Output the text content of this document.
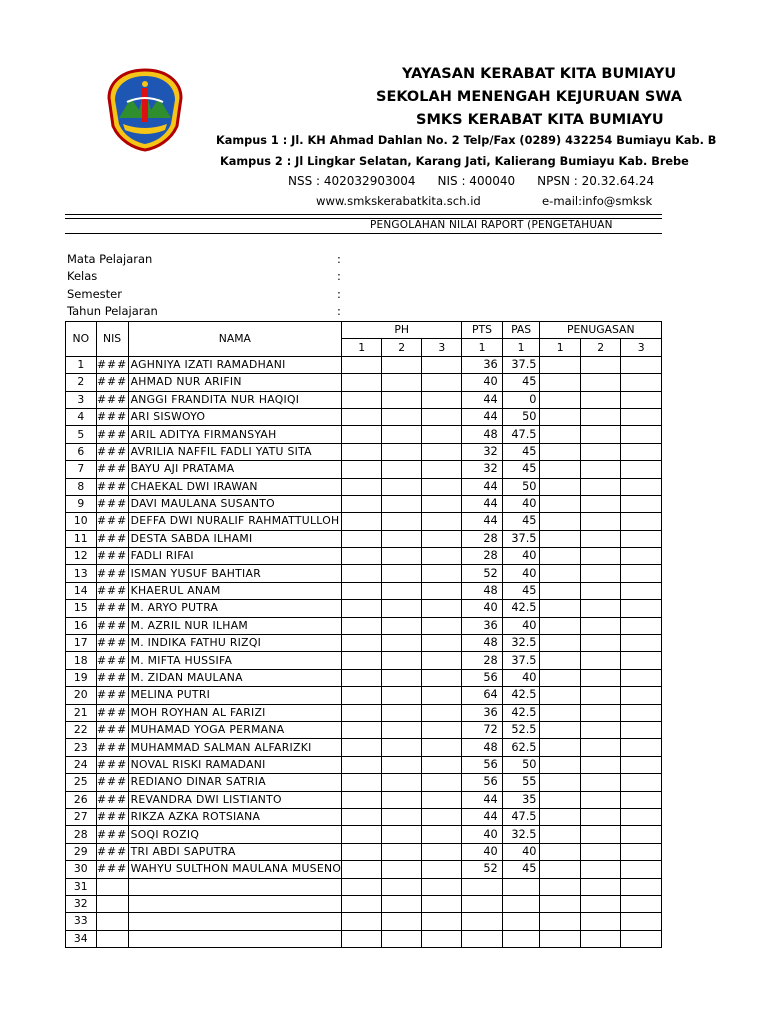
YAYASAN KERABAT KITA BUMIAYU
SEKOLAH MENENGAH KEJURUAN SWA
SMKS KERABAT KITA BUMIAYU
Kampus 1 : Jl. KH Ahmad Dahlan No. 2 Telp/Fax (0289) 432254 Bumiayu Kab. B
Kampus 2 : Jl Lingkar Selatan, Karang Jati, Kalierang Bumiayu Kab. Brebe
NSS : 402032903004 NIS : 400040 NPSN : 20.32.64.24
www.smkskerabatkita.sch.id	e-mail:info@smksk
PENGOLAHAN NILAI RAPORT (PENGETAHUAN
Mata Pelajaran	:
Kelas	:
Semester	:
Tahun Pelajaran	:
NO	NIS	NAMA	PH			PTS	PAS	PENUGASAN		
			1	2	3	1	1	1	2	3
1	###	AGHNIYA IZATI RAMADHANI				36	37.5			
2	###	AHMAD NUR ARIFIN				40	45			
3	###	ANGGI FRANDITA NUR HAQIQI				44	0			
4	###	ARI SISWOYO				44	50			
5	###	ARIL ADITYA FIRMANSYAH				48	47.5			
6	###	AVRILIA NAFFIL FADLI YATU SITA				32	45			
7	###	BAYU AJI PRATAMA				32	45			
8	###	CHAEKAL DWI IRAWAN				44	50			
9	###	DAVI MAULANA SUSANTO				44	40			
10	###	DEFFA DWI NURALIF RAHMATTULLOH				44	45			
11	###	DESTA SABDA ILHAMI				28	37.5			
12	###	FADLI RIFAI				28	40			
13	###	ISMAN YUSUF BAHTIAR				52	40			
14	###	KHAERUL ANAM				48	45			
15	###	M. ARYO PUTRA				40	42.5			
16	###	M. AZRIL NUR ILHAM				36	40			
17	###	M. INDIKA FATHU RIZQI				48	32.5			
18	###	M. MIFTA HUSSIFA				28	37.5			
19	###	M. ZIDAN MAULANA				56	40			
20	###	MELINA PUTRI				64	42.5			
21	###	MOH ROYHAN AL FARIZI				36	42.5			
22	###	MUHAMAD YOGA PERMANA				72	52.5			
23	###	MUHAMMAD SALMAN ALFARIZKI				48	62.5			
24	###	NOVAL RISKI RAMADANI				56	50			
25	###	REDIANO DINAR SATRIA				56	55			
26	###	REVANDRA DWI LISTIANTO				44	35			
27	###	RIKZA AZKA ROTSIANA				44	47.5			
28	###	SOQI ROZIQ				40	32.5			
29	###	TRI ABDI SAPUTRA				40	40			
30	###	WAHYU SULTHON MAULANA MUSENO				52	45			
31										
32										
33										
34										
